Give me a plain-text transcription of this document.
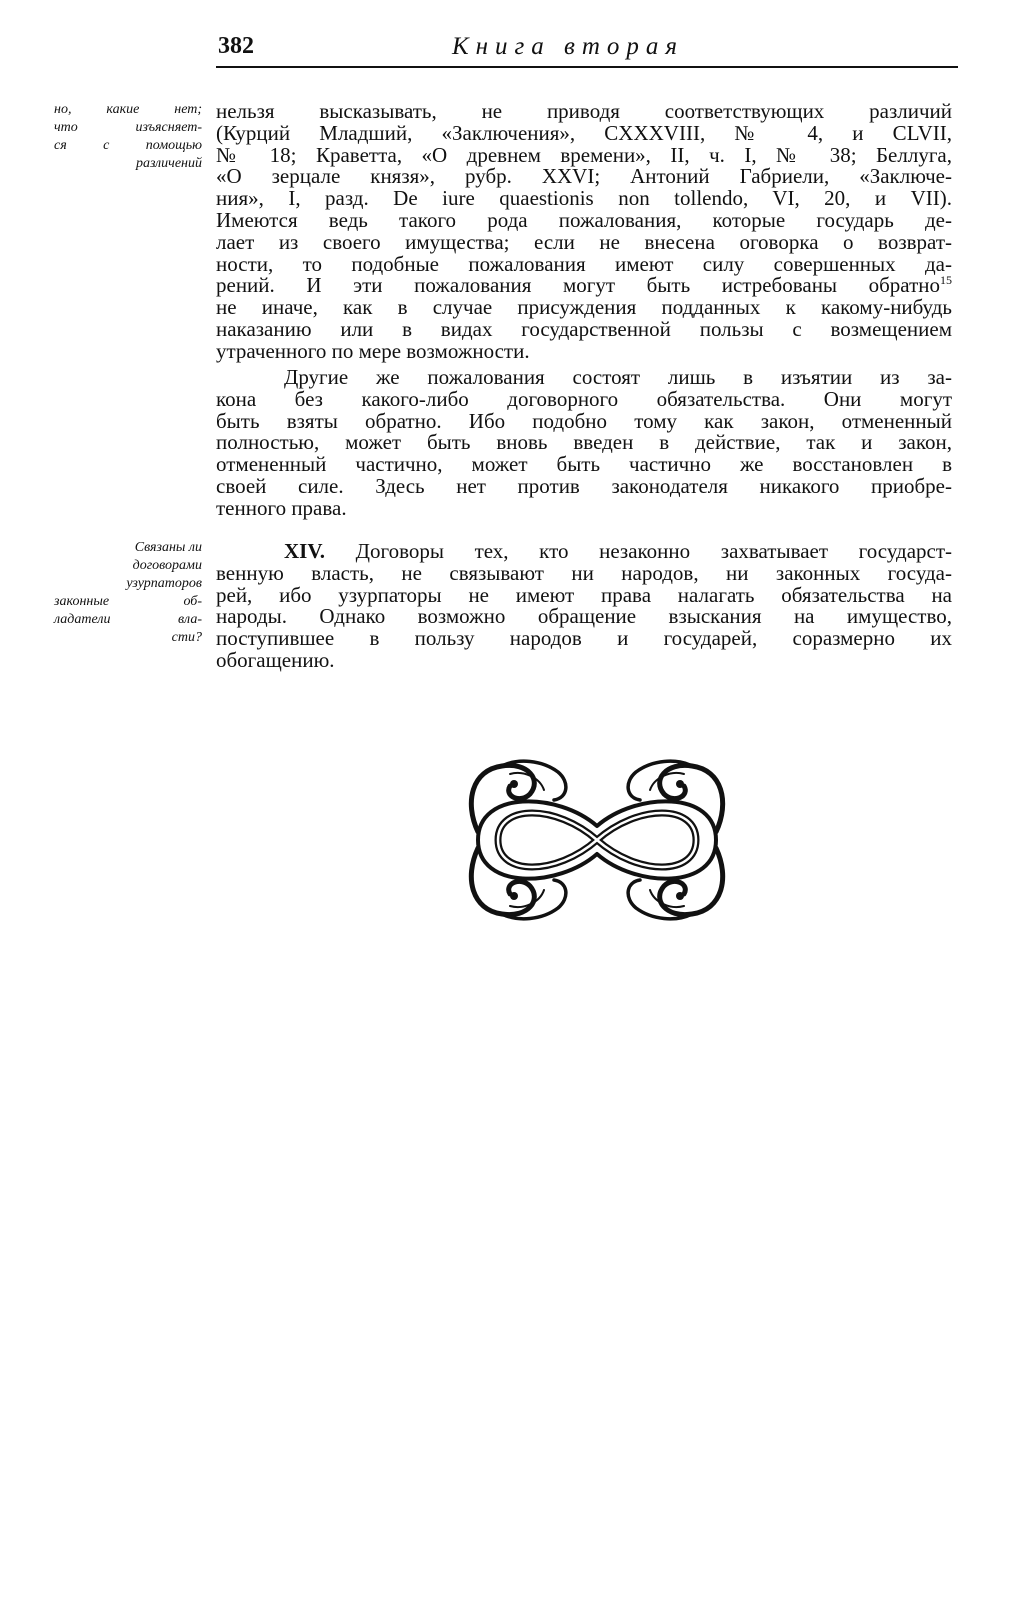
382	Книга вторая
но, какие нет;
что изъясняет-
ся с помощью
различений
Связаны ли
договорами
узурпаторов
законные об-
ладатели вла-
сти?
нельзя высказывать, не приводя соответствующих различий
(Курций Младший, «Заключения», CXXXVIII, № 4, и CLVII,
№ 18; Краветта, «О древнем времени», II, ч. I, № 38; Беллуга,
«О зерцале князя», рубр. XXVI; Антоний Габриели, «Заключе-
ния», I, разд. De iure quaestionis non tollendo, VI, 20, и VII).
Имеются ведь такого рода пожалования, которые государь де-
лает из своего имущества; если не внесена оговорка о возврат-
ности, то подобные пожалования имеют силу совершенных да-
рений. И эти пожалования могут быть истребованы обратно$^{15}$
не иначе, как в случае присуждения подданных к какому-нибудь
наказанию или в видах государственной пользы с возмещением
утраченного по мере возможности.
Другие же пожалования состоят лишь в изъятии из за-
кона без какого-либо договорного обязательства. Они могут
быть взяты обратно. Ибо подобно тому как закон, отмененный
полностью, может быть вновь введен в действие, так и закон,
отмененный частично, может быть частично же восстановлен в
своей силе. Здесь нет против законодателя никакого приобре-
тенного права.
XIV. Договоры тех, кто незаконно захватывает государст-
венную власть, не связывают ни народов, ни законных госуда-
рей, ибо узурпаторы не имеют права налагать обязательства на
народы. Однако возможно обращение взыскания на имущество,
поступившее в пользу народов и государей, соразмерно их
обогащению.
